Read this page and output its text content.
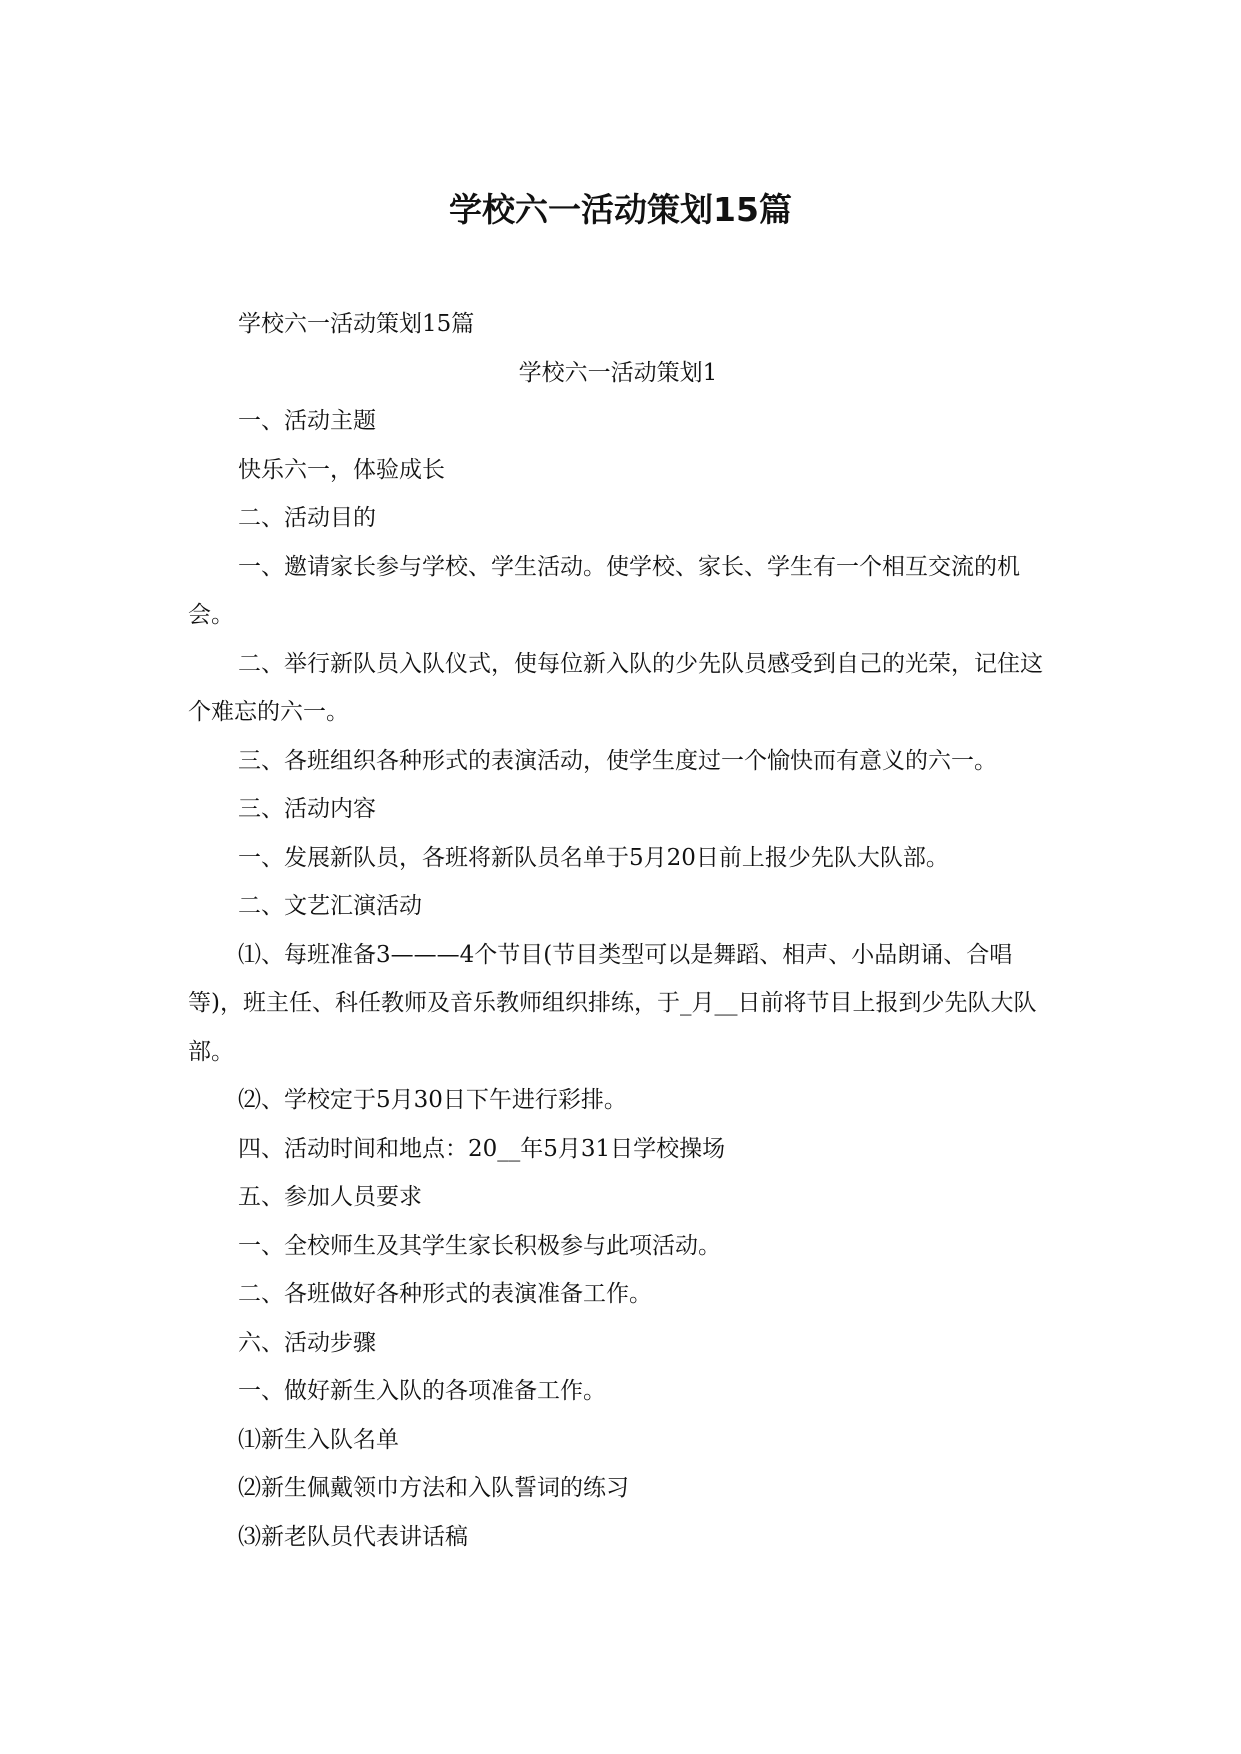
学校六一活动策划15篇

学校六一活动策划15篇

学校六一活动策划1

一、活动主题

快乐六一，体验成长

二、活动目的

一、邀请家长参与学校、学生活动。使学校、家长、学生有一个相互交流的机会。

二、举行新队员入队仪式，使每位新入队的少先队员感受到自己的光荣，记住这个难忘的六一。

三、各班组织各种形式的表演活动，使学生度过一个愉快而有意义的六一。

三、活动内容

一、发展新队员，各班将新队员名单于5月20日前上报少先队大队部。

二、文艺汇演活动

⑴、每班准备3———4个节目(节目类型可以是舞蹈、相声、小品朗诵、合唱等)，班主任、科任教师及音乐教师组织排练，于_月__日前将节目上报到少先队大队部。

⑵、学校定于5月30日下午进行彩排。

四、活动时间和地点：20__年5月31日学校操场

五、参加人员要求

一、全校师生及其学生家长积极参与此项活动。

二、各班做好各种形式的表演准备工作。

六、活动步骤

一、做好新生入队的各项准备工作。

⑴新生入队名单

⑵新生佩戴领巾方法和入队誓词的练习

⑶新老队员代表讲话稿
